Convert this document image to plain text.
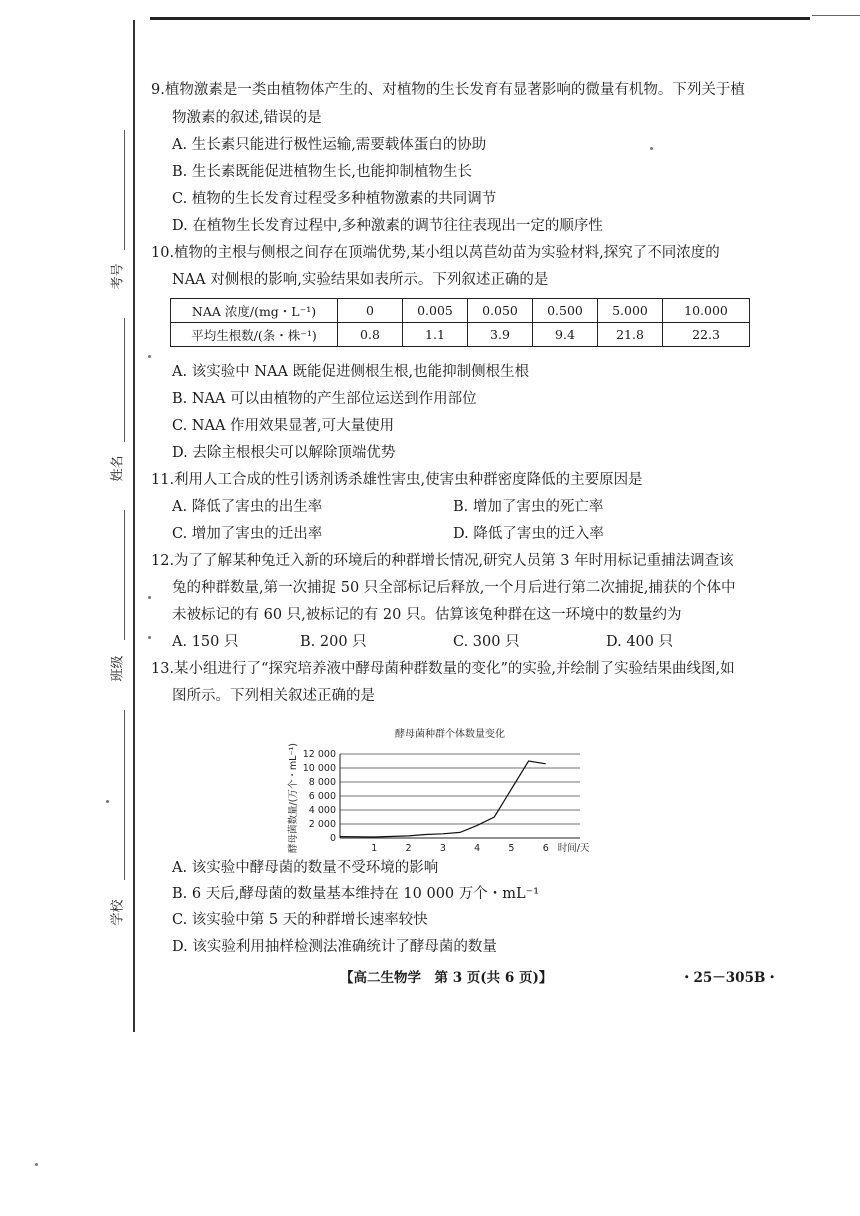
考号
姓名
班级
学校
9.植物激素是一类由植物体产生的、对植物的生长发育有显著影响的微量有机物。下列关于植
物激素的叙述,错误的是
A. 生长素只能进行极性运输,需要载体蛋白的协助
B. 生长素既能促进植物生长,也能抑制植物生长
C. 植物的生长发育过程受多种植物激素的共同调节
D. 在植物生长发育过程中,多种激素的调节往往表现出一定的顺序性
10.植物的主根与侧根之间存在顶端优势,某小组以莴苣幼苗为实验材料,探究了不同浓度的
NAA 对侧根的影响,实验结果如表所示。下列叙述正确的是
NAA 浓度/(mg・L⁻¹)	0	0.005	0.050	0.500	5.000	10.000
平均生根数/(条・株⁻¹)	0.8	1.1	3.9	9.4	21.8	22.3
A. 该实验中 NAA 既能促进侧根生根,也能抑制侧根生根
B. NAA 可以由植物的产生部位运送到作用部位
C. NAA 作用效果显著,可大量使用
D. 去除主根根尖可以解除顶端优势
11.利用人工合成的性引诱剂诱杀雄性害虫,使害虫种群密度降低的主要原因是
A. 降低了害虫的出生率	B. 增加了害虫的死亡率
C. 增加了害虫的迁出率	D. 降低了害虫的迁入率
12.为了了解某种兔迁入新的环境后的种群增长情况,研究人员第 3 年时用标记重捕法调查该
兔的种群数量,第一次捕捉 50 只全部标记后释放,一个月后进行第二次捕捉,捕获的个体中
未被标记的有 60 只,被标记的有 20 只。估算该兔种群在这一环境中的数量约为
A. 150 只	B. 200 只	C. 300 只	D. 400 只
13.某小组进行了“探究培养液中酵母菌种群数量的变化”的实验,并绘制了实验结果曲线图,如
图所示。下列相关叙述正确的是
酵母菌种群个体数量变化
0
2 000
4 000
6 000
8 000
10 000
12 000
1	2	3	4	5	6 时间/天
酵母菌数量/(万个・mL⁻¹)
A. 该实验中酵母菌的数量不受环境的影响
B. 6 天后,酵母菌的数量基本维持在 10 000 万个・mL⁻¹
C. 该实验中第 5 天的种群增长速率较快
D. 该实验利用抽样检测法准确统计了酵母菌的数量
【高二生物学　第 3 页(共 6 页)】	・25－305B・
